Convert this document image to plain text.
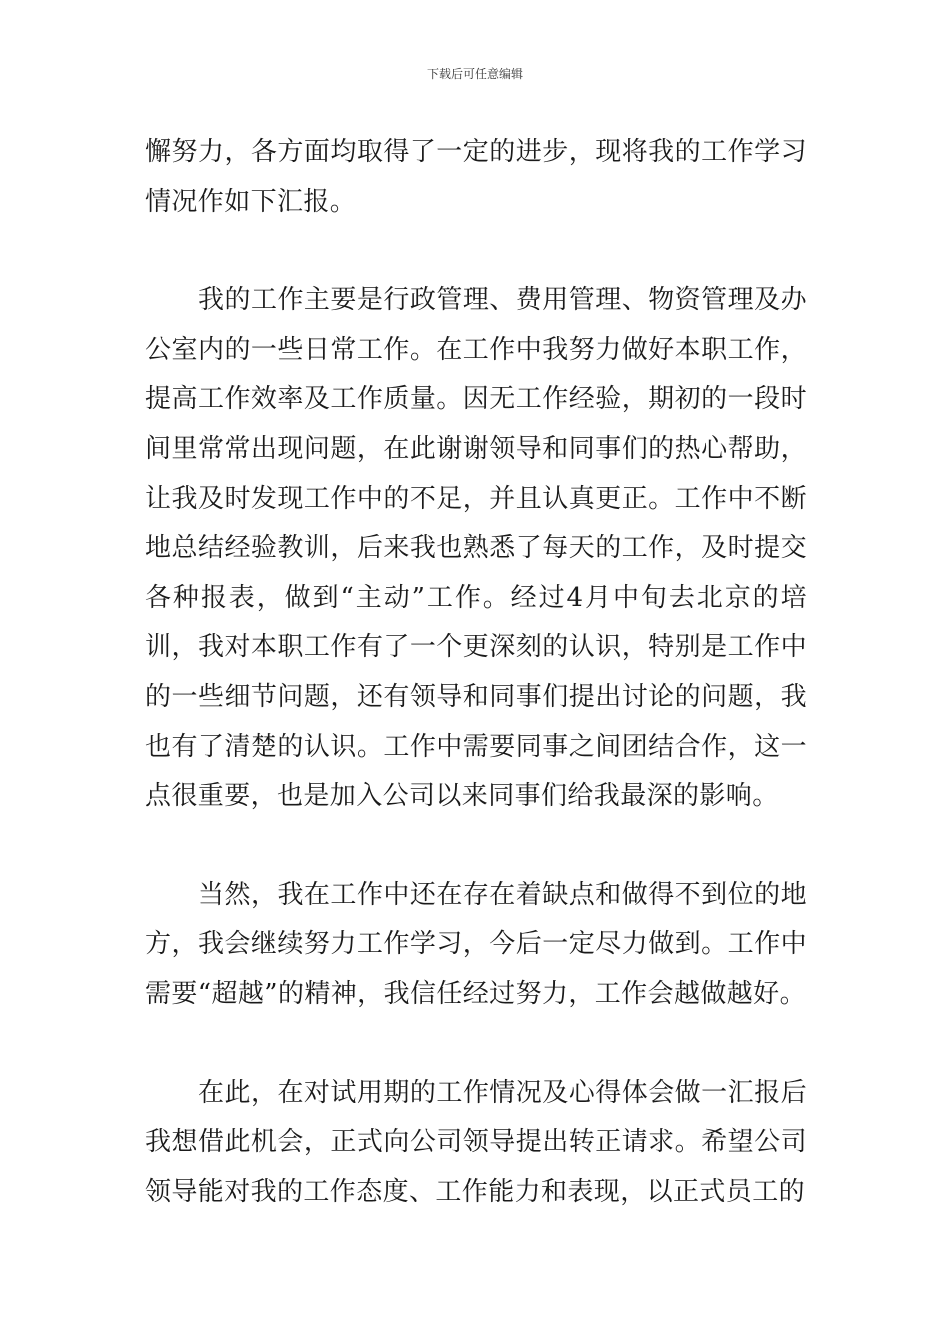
下载后可任意编辑

懈努力，各方面均取得了一定的进步，现将我的工作学习情况作如下汇报。

我的工作主要是行政管理、费用管理、物资管理及办公室内的一些日常工作。在工作中我努力做好本职工作，提高工作效率及工作质量。因无工作经验，期初的一段时间里常常出现问题，在此谢谢领导和同事们的热心帮助，让我及时发现工作中的不足，并且认真更正。工作中不断地总结经验教训，后来我也熟悉了每天的工作，及时提交各种报表，做到“主动”工作。经过4月中旬去北京的培训，我对本职工作有了一个更深刻的认识，特别是工作中的一些细节问题，还有领导和同事们提出讨论的问题，我也有了清楚的认识。工作中需要同事之间团结合作，这一点很重要，也是加入公司以来同事们给我最深的影响。

当然，我在工作中还在存在着缺点和做得不到位的地方，我会继续努力工作学习，今后一定尽力做到。工作中需要“超越”的精神，我信任经过努力，工作会越做越好。

在此，在对试用期的工作情况及心得体会做一汇报后我想借此机会，正式向公司领导提出转正请求。希望公司领导能对我的工作态度、工作能力和表现，以正式员工的
